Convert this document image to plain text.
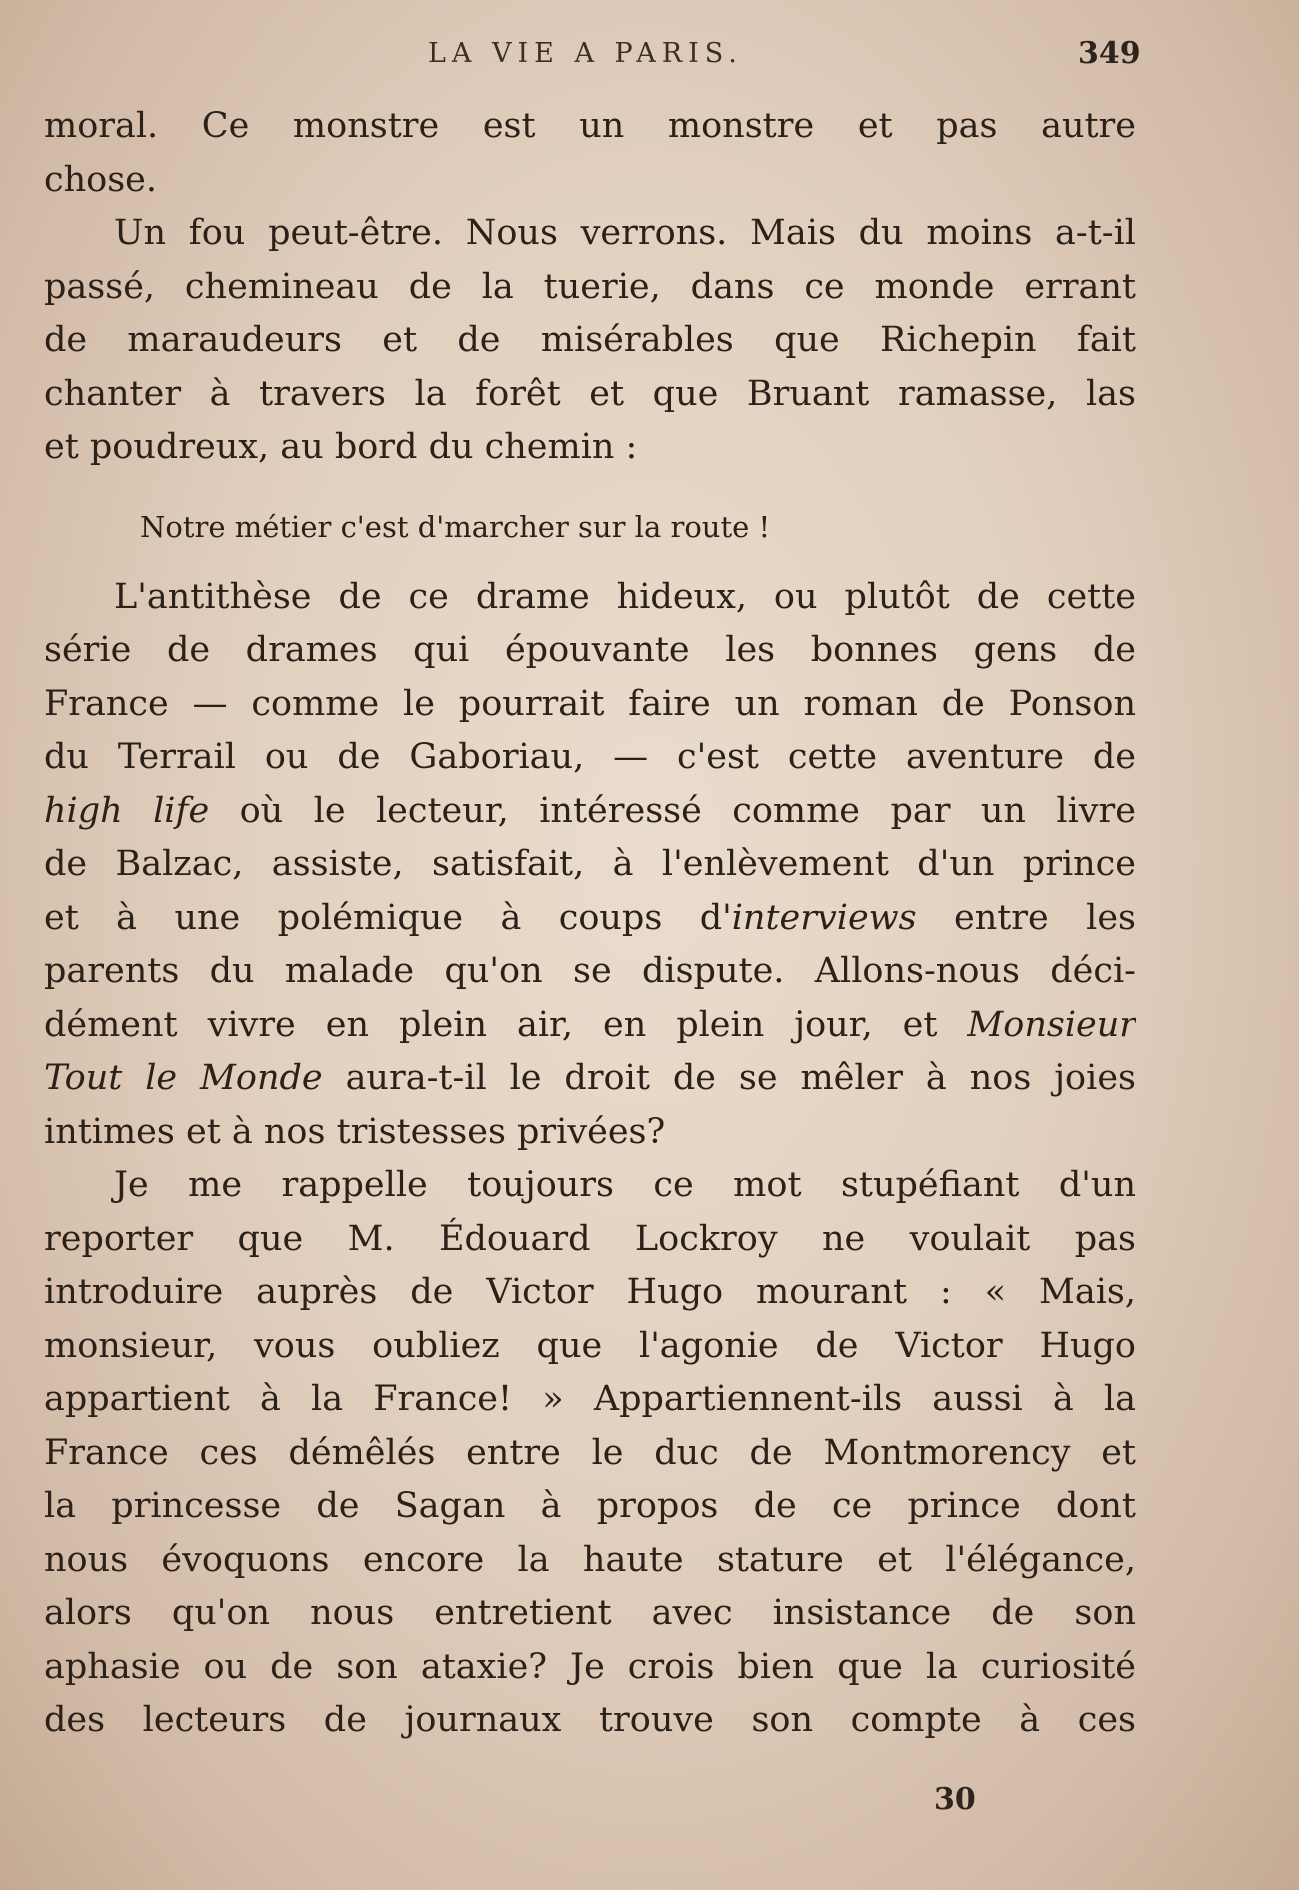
LA VIE A PARIS.	349
moral. Ce monstre est un monstre et pas autre
chose.
Un fou peut-être. Nous verrons. Mais du moins a-t-il
passé, chemineau de la tuerie, dans ce monde errant
de maraudeurs et de misérables que Richepin fait
chanter à travers la forêt et que Bruant ramasse, las
et poudreux, au bord du chemin :
Notre métier c'est d'marcher sur la route !
L'antithèse de ce drame hideux, ou plutôt de cette
série de drames qui épouvante les bonnes gens de
France — comme le pourrait faire un roman de Ponson
du Terrail ou de Gaboriau, — c'est cette aventure de
high life où le lecteur, intéressé comme par un livre
de Balzac, assiste, satisfait, à l'enlèvement d'un prince
et à une polémique à coups d'interviews entre les
parents du malade qu'on se dispute. Allons-nous déci-
dément vivre en plein air, en plein jour, et Monsieur
Tout le Monde aura-t-il le droit de se mêler à nos joies
intimes et à nos tristesses privées?
Je me rappelle toujours ce mot stupéfiant d'un
reporter que M. Édouard Lockroy ne voulait pas
introduire auprès de Victor Hugo mourant : « Mais,
monsieur, vous oubliez que l'agonie de Victor Hugo
appartient à la France! » Appartiennent-ils aussi à la
France ces démêlés entre le duc de Montmorency et
la princesse de Sagan à propos de ce prince dont
nous évoquons encore la haute stature et l'élégance,
alors qu'on nous entretient avec insistance de son
aphasie ou de son ataxie? Je crois bien que la curiosité
des lecteurs de journaux trouve son compte à ces
30
